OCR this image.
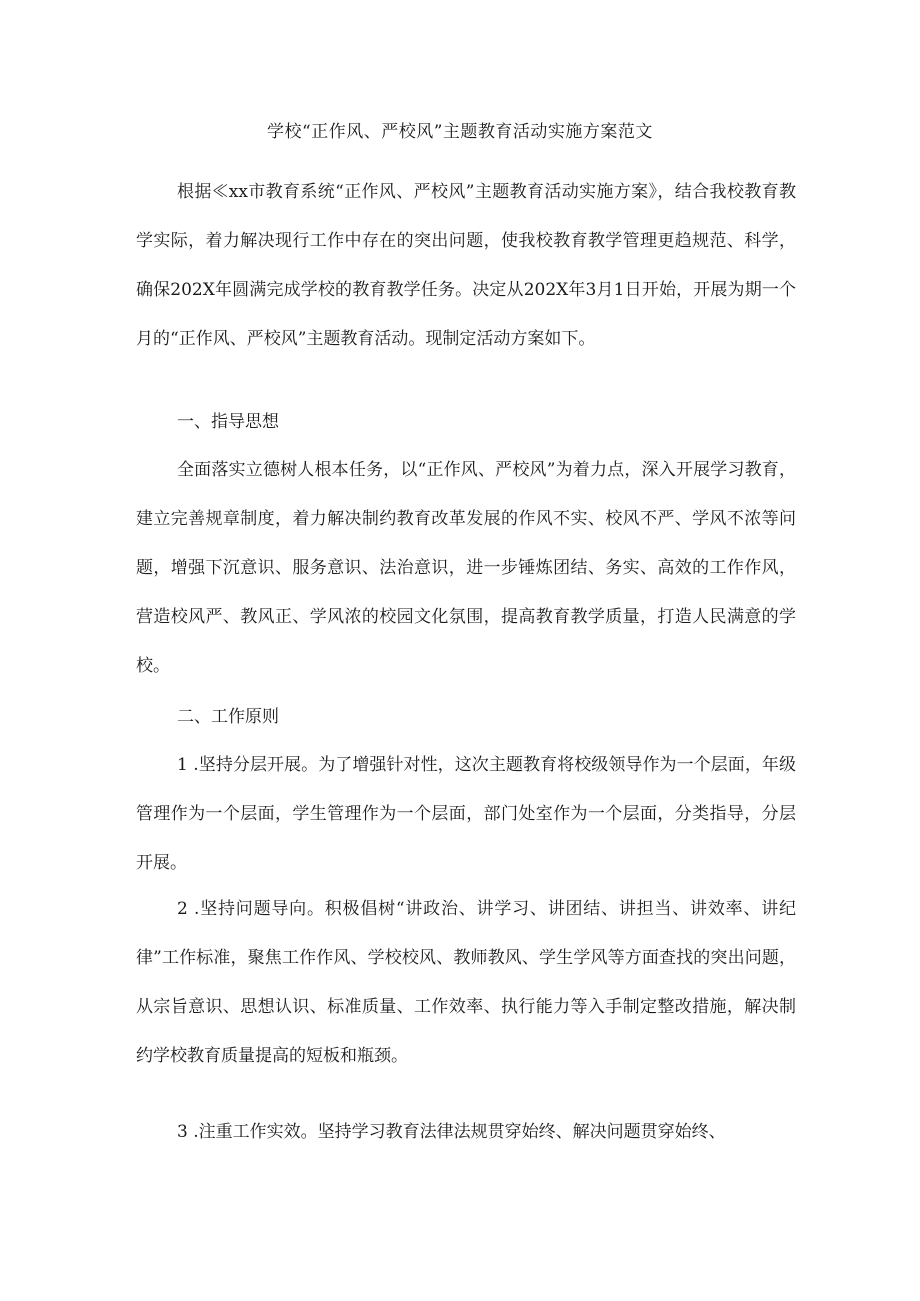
学校“正作风、严校风”主题教育活动实施方案范文

根据≪xx市教育系统“正作风、严校风”主题教育活动实施方案》，结合我校教育教学实际，着力解决现行工作中存在的突出问题，使我校教育教学管理更趋规范、科学，确保202X年圆满完成学校的教育教学任务。决定从202X年3月1日开始，开展为期一个月的“正作风、严校风”主题教育活动。现制定活动方案如下。

一、指导思想

全面落实立德树人根本任务，以“正作风、严校风”为着力点，深入开展学习教育，建立完善规章制度，着力解决制约教育改革发展的作风不实、校风不严、学风不浓等问题，增强下沉意识、服务意识、法治意识，进一步锤炼团结、务实、高效的工作作风，营造校风严、教风正、学风浓的校园文化氛围，提高教育教学质量，打造人民满意的学校。

二、工作原则

1 .坚持分层开展。为了增强针对性，这次主题教育将校级领导作为一个层面，年级管理作为一个层面，学生管理作为一个层面，部门处室作为一个层面，分类指导，分层开展。

2 .坚持问题导向。积极倡树“讲政治、讲学习、讲团结、讲担当、讲效率、讲纪律”工作标准，聚焦工作作风、学校校风、教师教风、学生学风等方面查找的突出问题，从宗旨意识、思想认识、标准质量、工作效率、执行能力等入手制定整改措施，解决制约学校教育质量提高的短板和瓶颈。

3 .注重工作实效。坚持学习教育法律法规贯穿始终、解决问题贯穿始终、
